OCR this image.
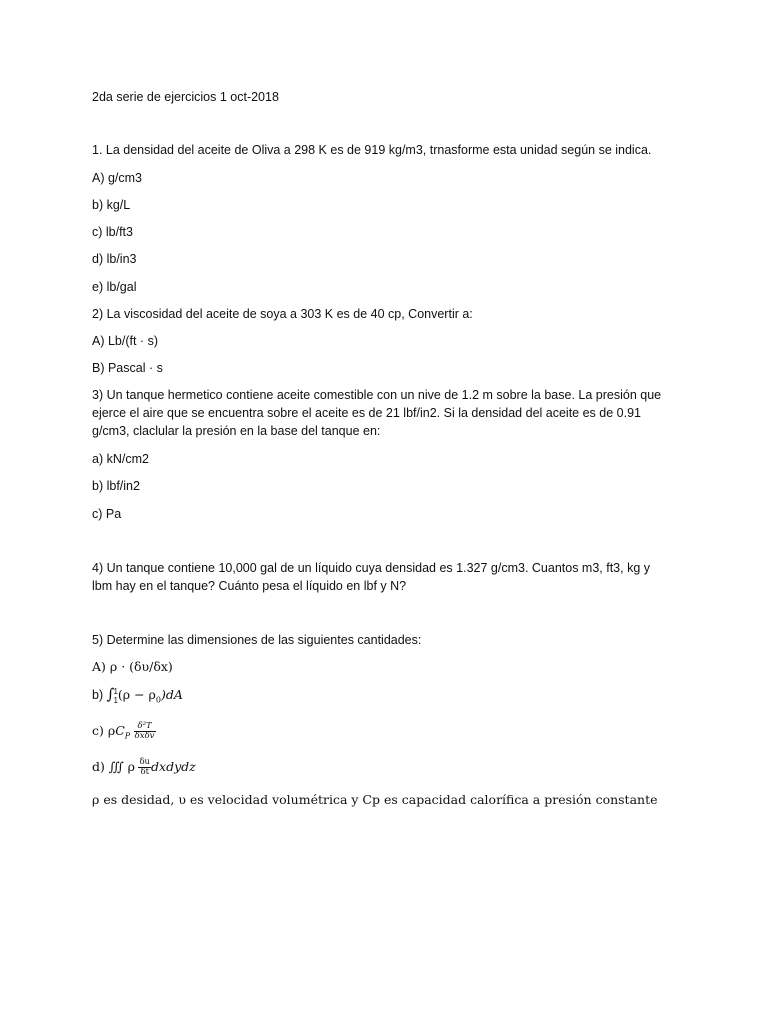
2da serie de ejercicios 1 oct-2018
1. La densidad del aceite de Oliva a 298 K es de 919 kg/m3, trnasforme esta unidad según se indica.
A) g/cm3
b) kg/L
c) lb/ft3
d) lb/in3
e) lb/gal
2) La viscosidad del aceite de soya a 303 K es de 40 cp, Convertir a:
A) Lb/(ft · s)
B) Pascal · s
3) Un tanque hermetico contiene aceite comestible con un nive de 1.2 m sobre la base. La presión que ejerce el aire que se encuentra sobre el aceite es de 21 lbf/in2. Si la densidad del aceite es de 0.91 g/cm3, claclular la presión en la base del tanque en:
a) kN/cm2
b) lbf/in2
c) Pa
4) Un tanque contiene 10,000 gal de un líquido cuya densidad es 1.327 g/cm3. Cuantos m3, ft3, kg y lbm hay en el tanque? Cuánto pesa el líquido en lbf y N?
5) Determine las dimensiones de las siguientes cantidades:
A) ρ · (δυ/δx)
b) ∫ 1
1 $(\rho - \rho_0)dA$
c) $\rho C_P \frac{\text{δ²T}}{\text{δxδv}}$
d) ∭ ρ $\frac{\delta u}{\delta t}$ dxdydz
ρ es desidad, υ es velocidad volumétrica y Cp es capacidad calorífica a presión constante
